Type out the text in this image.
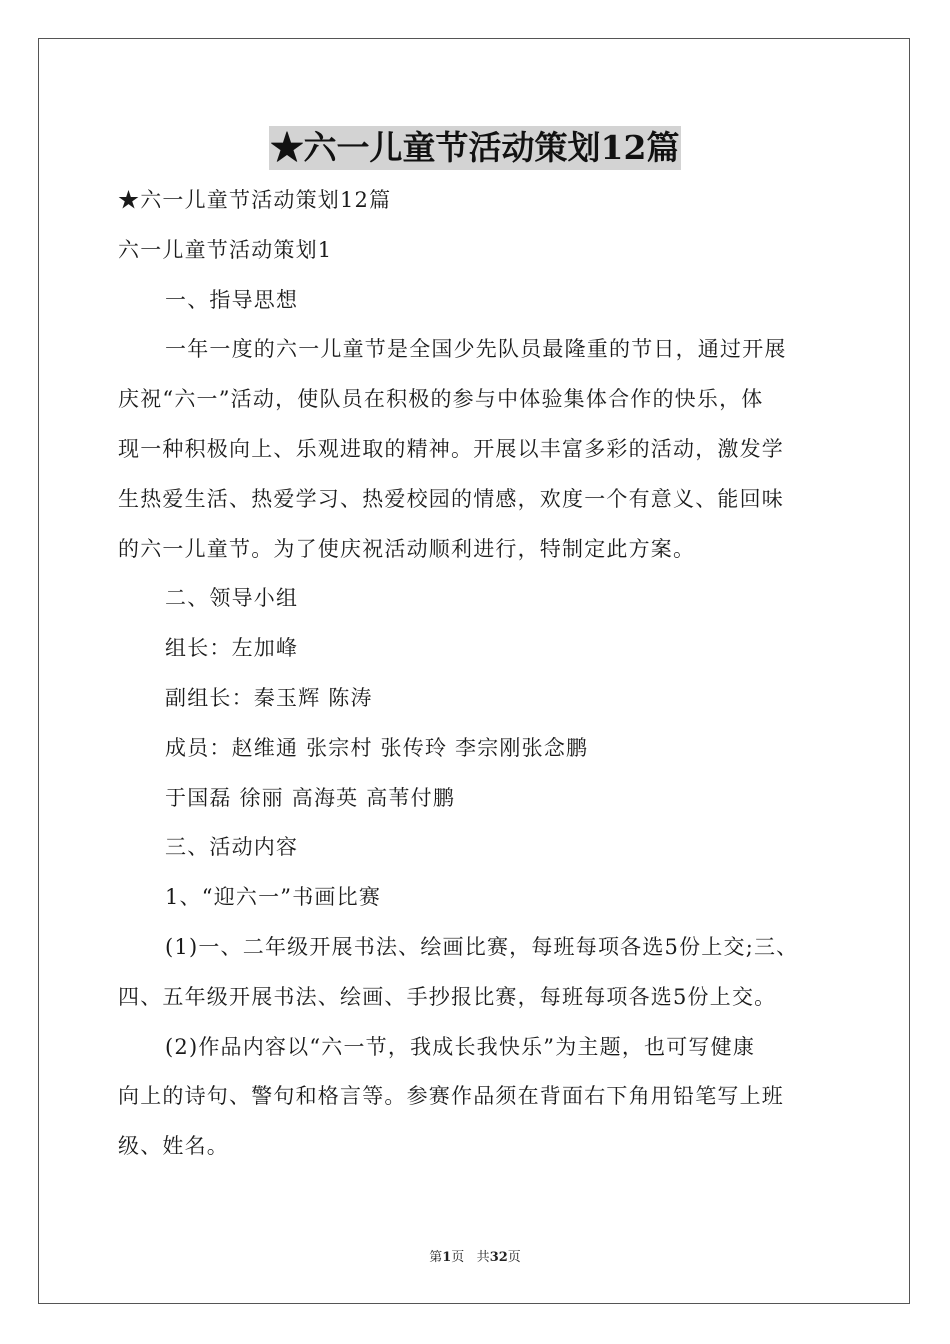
★六一儿童节活动策划12篇
★六一儿童节活动策划12篇
六一儿童节活动策划1
一、指导思想
一年一度的六一儿童节是全国少先队员最隆重的节日，通过开展
庆祝“六一”活动，使队员在积极的参与中体验集体合作的快乐，体
现一种积极向上、乐观进取的精神。开展以丰富多彩的活动，激发学
生热爱生活、热爱学习、热爱校园的情感，欢度一个有意义、能回味
的六一儿童节。为了使庆祝活动顺利进行，特制定此方案。
二、领导小组
组长：左加峰
副组长：秦玉辉 陈涛
成员：赵维通 张宗村 张传玲 李宗刚张念鹏
于国磊 徐丽 高海英 高苇付鹏
三、活动内容
1、“迎六一”书画比赛
(1)一、二年级开展书法、绘画比赛，每班每项各选5份上交;三、
四、五年级开展书法、绘画、手抄报比赛，每班每项各选5份上交。
(2)作品内容以“六一节，我成长我快乐”为主题，也可写健康
向上的诗句、警句和格言等。参赛作品须在背面右下角用铅笔写上班
级、姓名。
第1页 共32页
